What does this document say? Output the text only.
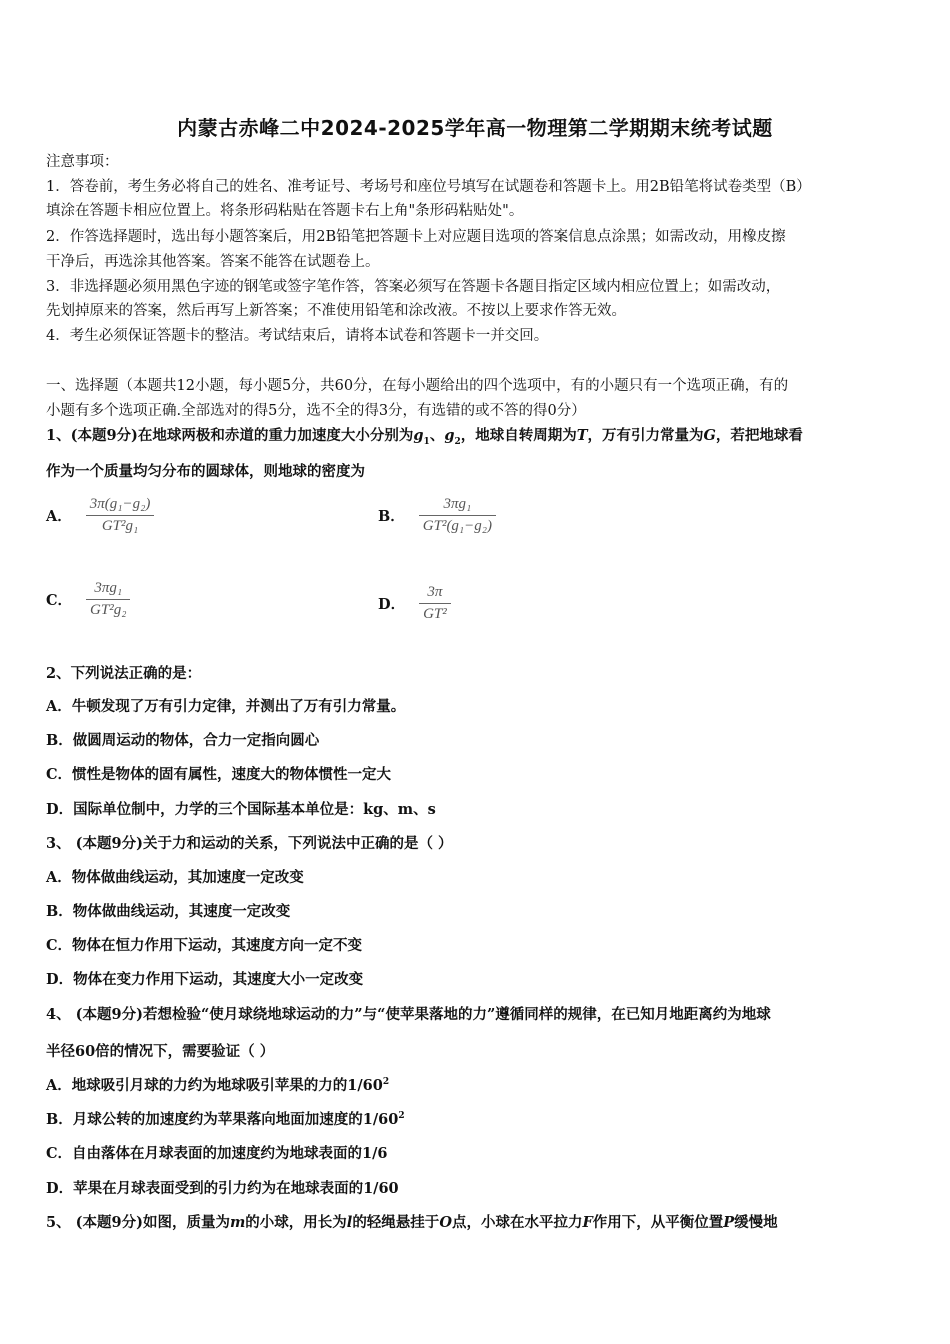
内蒙古赤峰二中2024-2025学年高一物理第二学期期末统考试题
注意事项：
1．答卷前，考生务必将自己的姓名、准考证号、考场号和座位号填写在试题卷和答题卡上。用2B铅笔将试卷类型（B）
填涂在答题卡相应位置上。将条形码粘贴在答题卡右上角"条形码粘贴处"。
2．作答选择题时，选出每小题答案后，用2B铅笔把答题卡上对应题目选项的答案信息点涂黑；如需改动，用橡皮擦
干净后，再选涂其他答案。答案不能答在试题卷上。
3．非选择题必须用黑色字迹的钢笔或签字笔作答，答案必须写在答题卡各题目指定区域内相应位置上；如需改动，
先划掉原来的答案，然后再写上新答案；不准使用铅笔和涂改液。不按以上要求作答无效。
4．考生必须保证答题卡的整洁。考试结束后，请将本试卷和答题卡一并交回。
一、选择题（本题共12小题，每小题5分，共60分，在每小题给出的四个选项中，有的小题只有一个选项正确，有的
小题有多个选项正确.全部选对的得5分，选不全的得3分，有选错的或不答的得0分）
1、(本题9分)在地球两极和赤道的重力加速度大小分别为$g_1$、$g_2$，地球自转周期为T，万有引力常量为G，若把地球看
作为一个质量均匀分布的圆球体，则地球的密度为
A． $\frac{\text{3π(g₁−g₂)}}{\text{GT²g₁}}$	B． $\frac{\text{3πg₁}}{\text{GT²(g₁−g₂)}}$
C． $\frac{\text{3πg₁}}{\text{GT²g₂}}$	D． $\frac{3\pi}{\text{GT²}}$
2、下列说法正确的是：
A．牛顿发现了万有引力定律，并测出了万有引力常量。
B．做圆周运动的物体，合力一定指向圆心
C．惯性是物体的固有属性，速度大的物体惯性一定大
D．国际单位制中，力学的三个国际基本单位是：kg、m、s
3、 (本题9分)关于力和运动的关系，下列说法中正确的是（ ）
A．物体做曲线运动，其加速度一定改变
B．物体做曲线运动，其速度一定改变
C．物体在恒力作用下运动，其速度方向一定不变
D．物体在变力作用下运动，其速度大小一定改变
4、 (本题9分)若想检验“使月球绕地球运动的力”与“使苹果落地的力”遵循同样的规律，在已知月地距离约为地球
半径60倍的情况下，需要验证（ ）
A．地球吸引月球的力约为地球吸引苹果的力的$1/60^2$
B．月球公转的加速度约为苹果落向地面加速度的$1/60^2$
C．自由落体在月球表面的加速度约为地球表面的1/6
D．苹果在月球表面受到的引力约为在地球表面的1/60
5、 (本题9分)如图，质量为m的小球，用长为l的轻绳悬挂于O点，小球在水平拉力F作用下，从平衡位置P缓慢地
